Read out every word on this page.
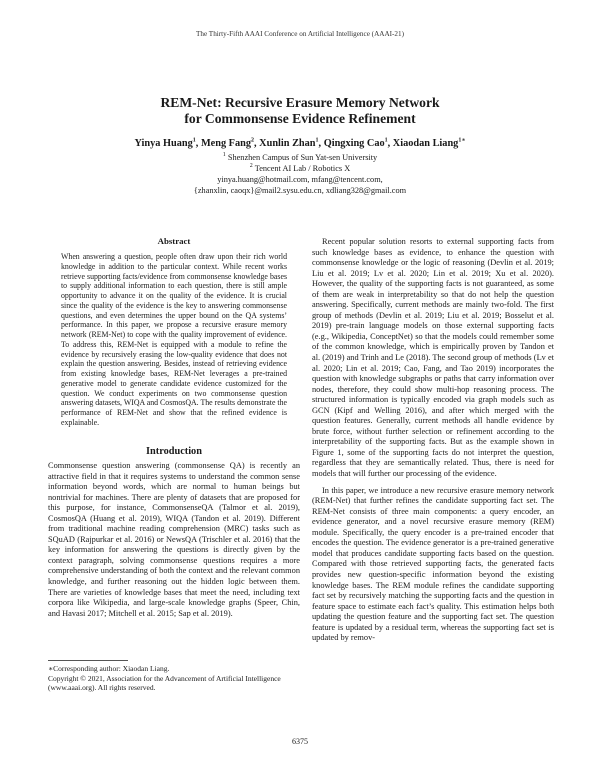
The Thirty-Fifth AAAI Conference on Artificial Intelligence (AAAI-21)
REM-Net: Recursive Erasure Memory Network
for Commonsense Evidence Refinement
Yinya Huang$^1$, Meng Fang$^2$, Xunlin Zhan$^1$, Qingxing Cao$^1$, Xiaodan Liang$^{1∗}$
$^1$ Shenzhen Campus of Sun Yat-sen University
$^2$ Tencent AI Lab / Robotics X
yinya.huang@hotmail.com, mfang@tencent.com,
{zhanxlin, caoqx}@mail2.sysu.edu.cn, xdliang328@gmail.com
Abstract
When answering a question, people often draw upon their rich world knowledge in addition to the particular context. While recent works retrieve supporting facts/evidence from commonsense knowledge bases to supply additional information to each question, there is still ample opportunity to advance it on the quality of the evidence. It is crucial since the quality of the evidence is the key to answering commonsense questions, and even determines the upper bound on the QA systems’ performance. In this paper, we propose a recursive erasure memory network (REM-Net) to cope with the quality improvement of evidence. To address this, REM-Net is equipped with a module to refine the evidence by recursively erasing the low-quality evidence that does not explain the question answering. Besides, instead of retrieving evidence from existing knowledge bases, REM-Net leverages a pre-trained generative model to generate candidate evidence customized for the question. We conduct experiments on two commonsense question answering datasets, WIQA and CosmosQA. The results demonstrate the performance of REM-Net and show that the refined evidence is explainable.
Introduction

Commonsense question answering (commonsense QA) is recently an attractive field in that it requires systems to understand the common sense information beyond words, which are normal to human beings but nontrivial for machines. There are plenty of datasets that are proposed for this purpose, for instance, CommonsenseQA (Talmor et al. 2019), CosmosQA (Huang et al. 2019), WIQA (Tandon et al. 2019). Different from traditional machine reading comprehension (MRC) tasks such as SQuAD (Rajpurkar et al. 2016) or NewsQA (Trischler et al. 2016) that the key information for answering the questions is directly given by the context paragraph, solving commonsense questions requires a more comprehensive understanding of both the context and the relevant common knowledge, and further reasoning out the hidden logic between them. There are varieties of knowledge bases that meet the need, including text corpora like Wikipedia, and large-scale knowledge graphs (Speer, Chin, and Havasi 2017; Mitchell et al. 2015; Sap et al. 2019).

∗Corresponding author: Xiaodan Liang.
Copyright © 2021, Association for the Advancement of Artificial Intelligence (www.aaai.org). All rights reserved.

Recent popular solution resorts to external supporting facts from such knowledge bases as evidence, to enhance the question with commonsense knowledge or the logic of reasoning (Devlin et al. 2019; Liu et al. 2019; Lv et al. 2020; Lin et al. 2019; Xu et al. 2020). However, the quality of the supporting facts is not guaranteed, as some of them are weak in interpretability so that do not help the question answering. Specifically, current methods are mainly two-fold. The first group of methods (Devlin et al. 2019; Liu et al. 2019; Bosselut et al. 2019) pre-train language models on those external supporting facts (e.g., Wikipedia, ConceptNet) so that the models could remember some of the common knowledge, which is empirically proven by Tandon et al. (2019) and Trinh and Le (2018). The second group of methods (Lv et al. 2020; Lin et al. 2019; Cao, Fang, and Tao 2019) incorporates the question with knowledge subgraphs or paths that carry information over nodes, therefore, they could show multi-hop reasoning process. The structured information is typically encoded via graph models such as GCN (Kipf and Welling 2016), and after which merged with the question features. Generally, current methods all handle evidence by brute force, without further selection or refinement according to the interpretability of the supporting facts. But as the example shown in Figure 1, some of the supporting facts do not interpret the question, regardless that they are semantically related. Thus, there is need for models that will further our processing of the evidence.

In this paper, we introduce a new recursive erasure memory network (REM-Net) that further refines the candidate supporting fact set. The REM-Net consists of three main components: a query encoder, an evidence generator, and a novel recursive erasure memory (REM) module. Specifically, the query encoder is a pre-trained encoder that encodes the question. The evidence generator is a pre-trained generative model that produces candidate supporting facts based on the question. Compared with those retrieved supporting facts, the generated facts provides new question-specific information beyond the existing knowledge bases. The REM module refines the candidate supporting fact set by recursively matching the supporting facts and the question in feature space to estimate each fact’s quality. This estimation helps both updating the question feature and the supporting fact set. The question feature is updated by a residual term, whereas the supporting fact set is updated by remov-

6375
